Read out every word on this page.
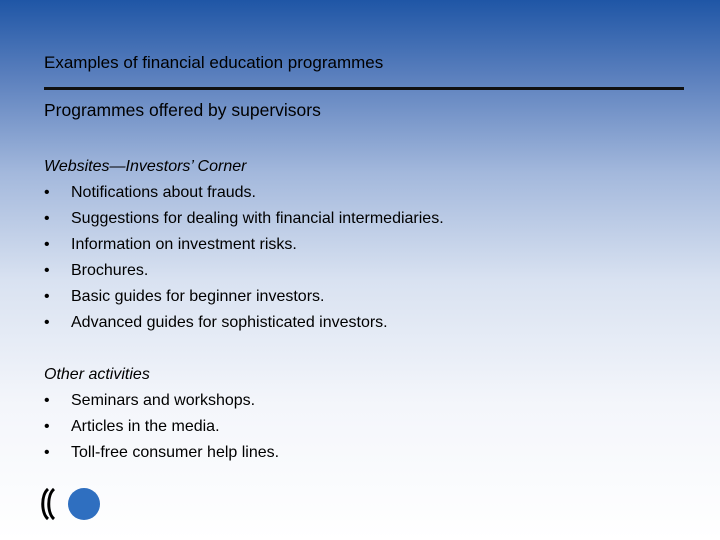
Examples of financial education programmes
Programmes offered by supervisors
Websites—Investors’ Corner
• Notifications about frauds.
• Suggestions for dealing with financial intermediaries.
• Information on investment risks.
• Brochures.
• Basic guides for beginner investors.
• Advanced guides for sophisticated investors.
Other activities
• Seminars and workshops.
• Articles in the media.
• Toll-free consumer help lines.
